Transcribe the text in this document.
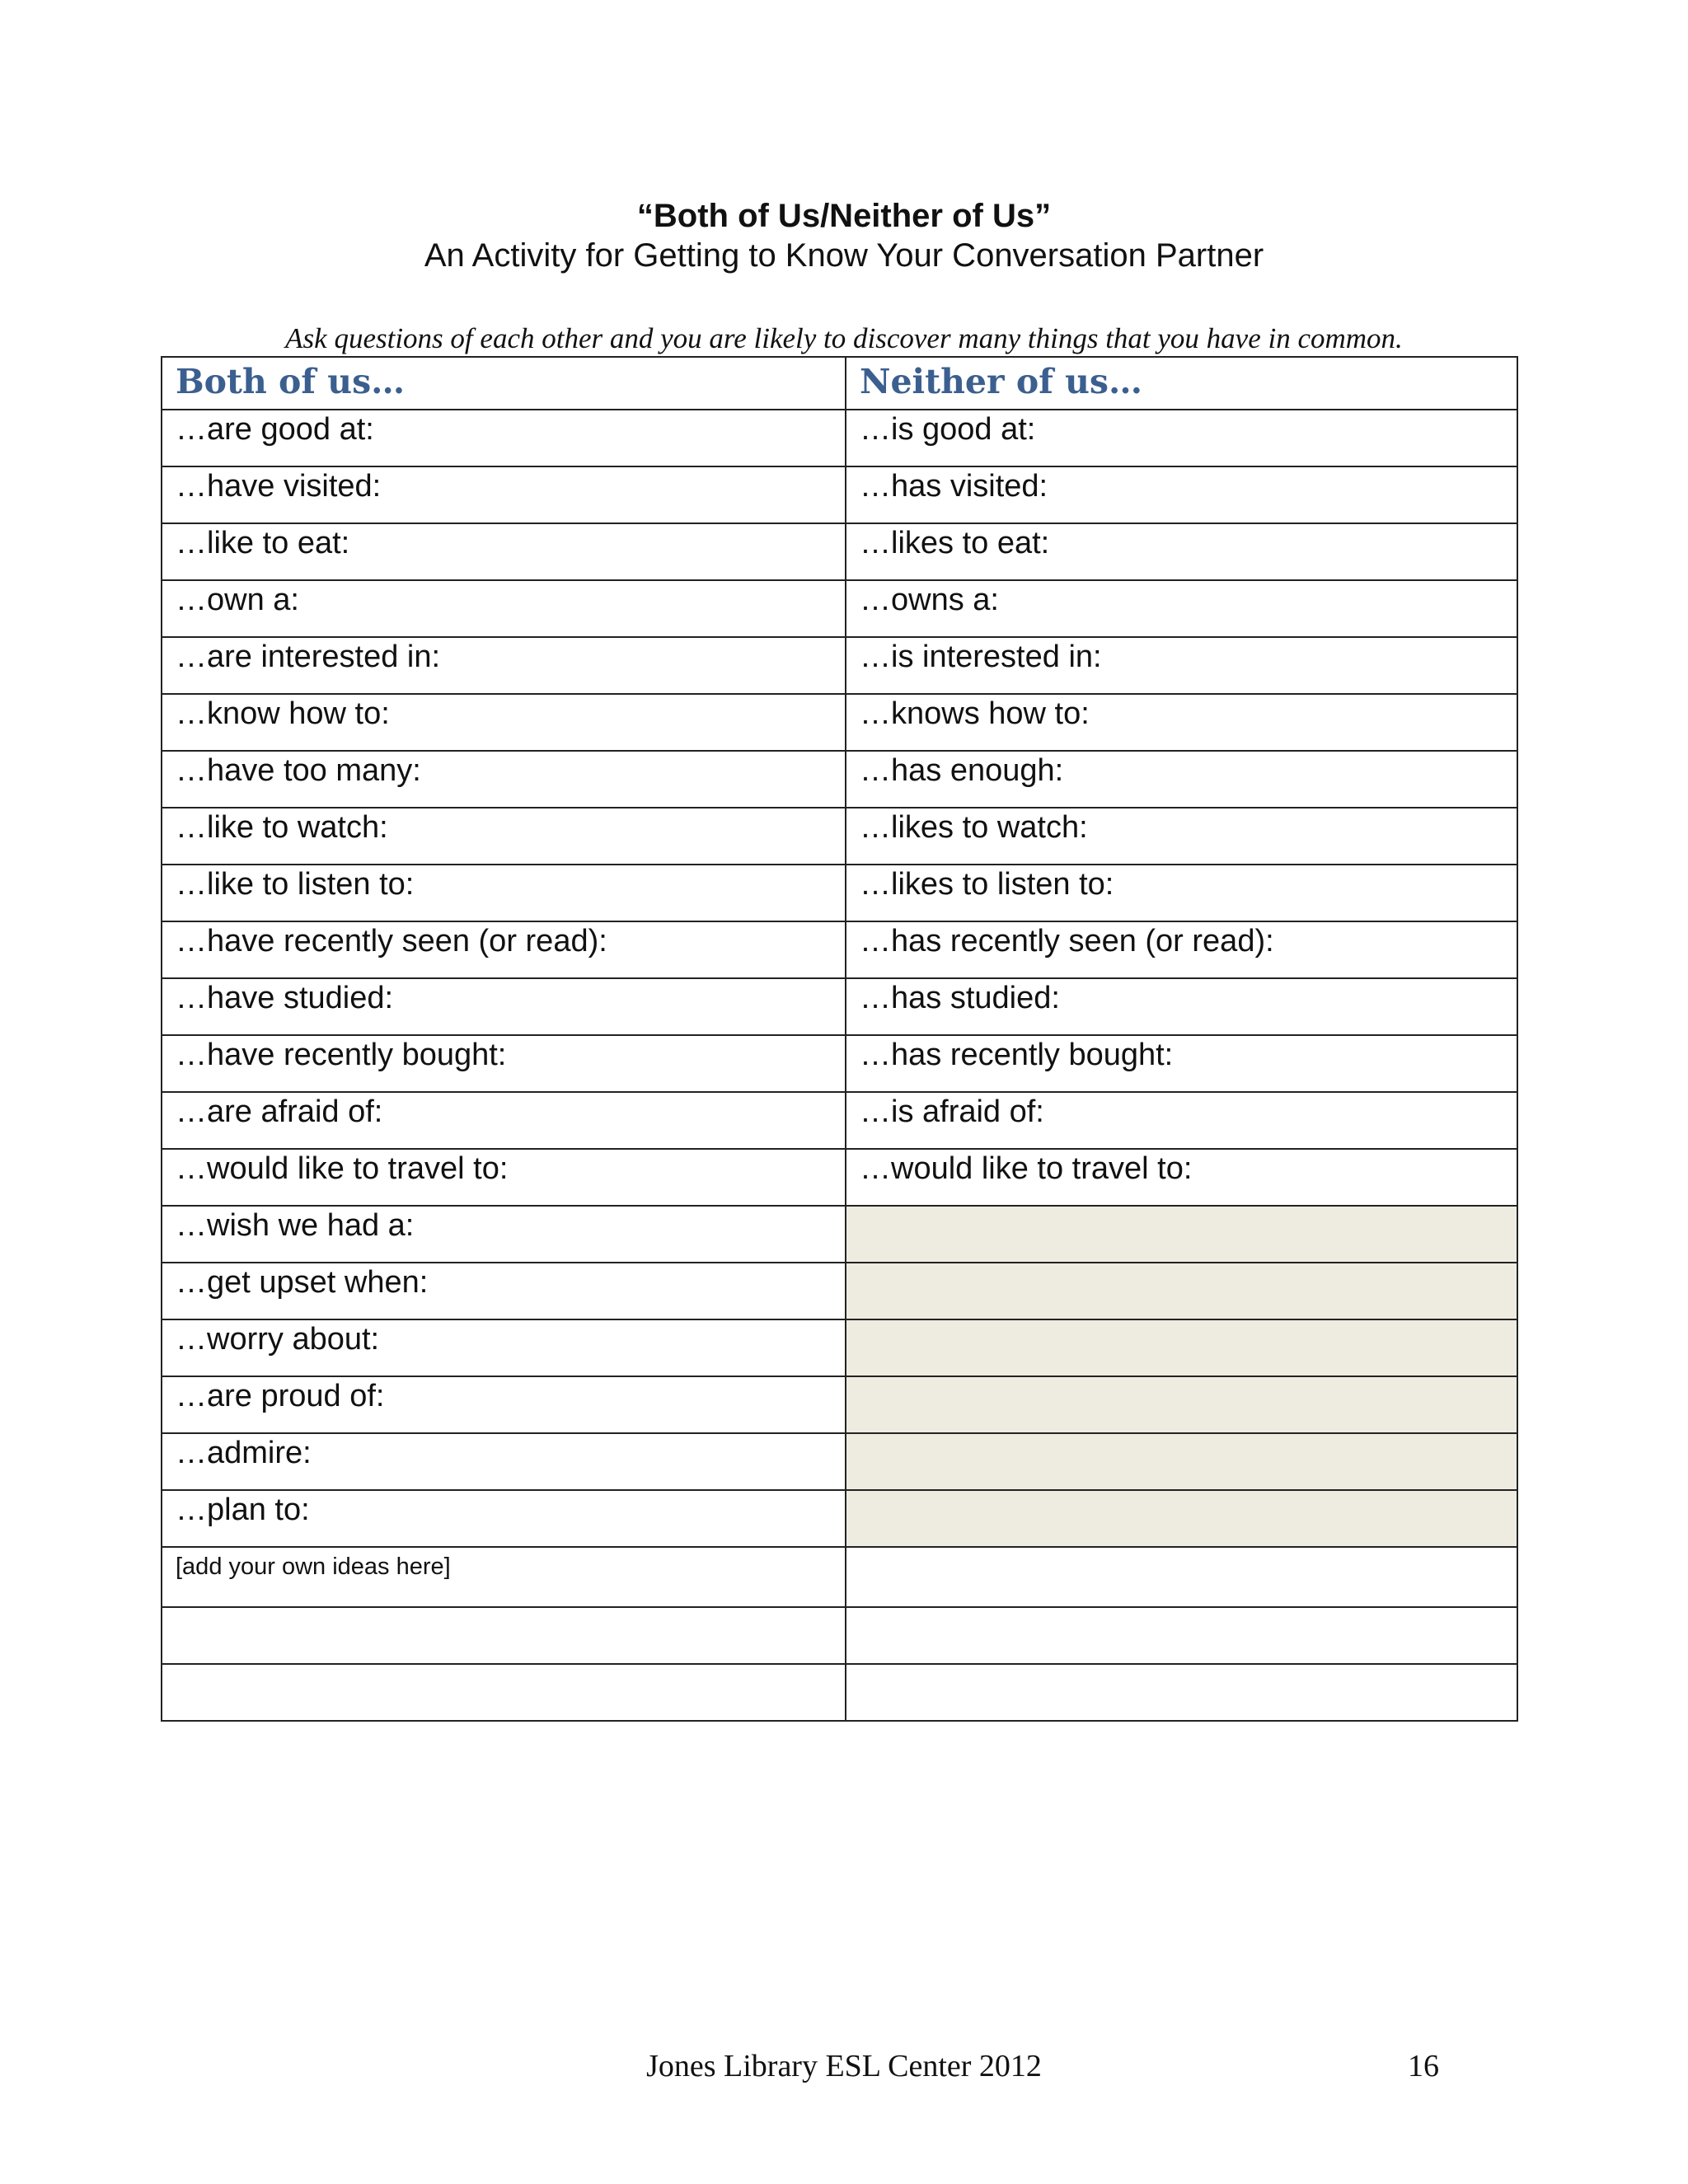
“Both of Us/Neither of Us”
An Activity for Getting to Know Your Conversation Partner
Ask questions of each other and you are likely to discover many things that you have in common.
Both of us…	Neither of us…
…are good at:	…is good at:
…have visited:	…has visited:
…like to eat:	…likes to eat:
…own a:	…owns a:
…are interested in:	…is interested in:
…know how to:	…knows how to:
…have too many:	…has enough:
…like to watch:	…likes to watch:
…like to listen to:	…likes to listen to:
…have recently seen (or read):	…has recently seen (or read):
…have studied:	…has studied:
…have recently bought:	…has recently bought:
…are afraid of:	…is afraid of:
…would like to travel to:	…would like to travel to:
…wish we had a:	
…get upset when:	
…worry about:	
…are proud of:	
…admire:	
…plan to:	
[add your own ideas here]	

Jones Library ESL Center 2012	16
